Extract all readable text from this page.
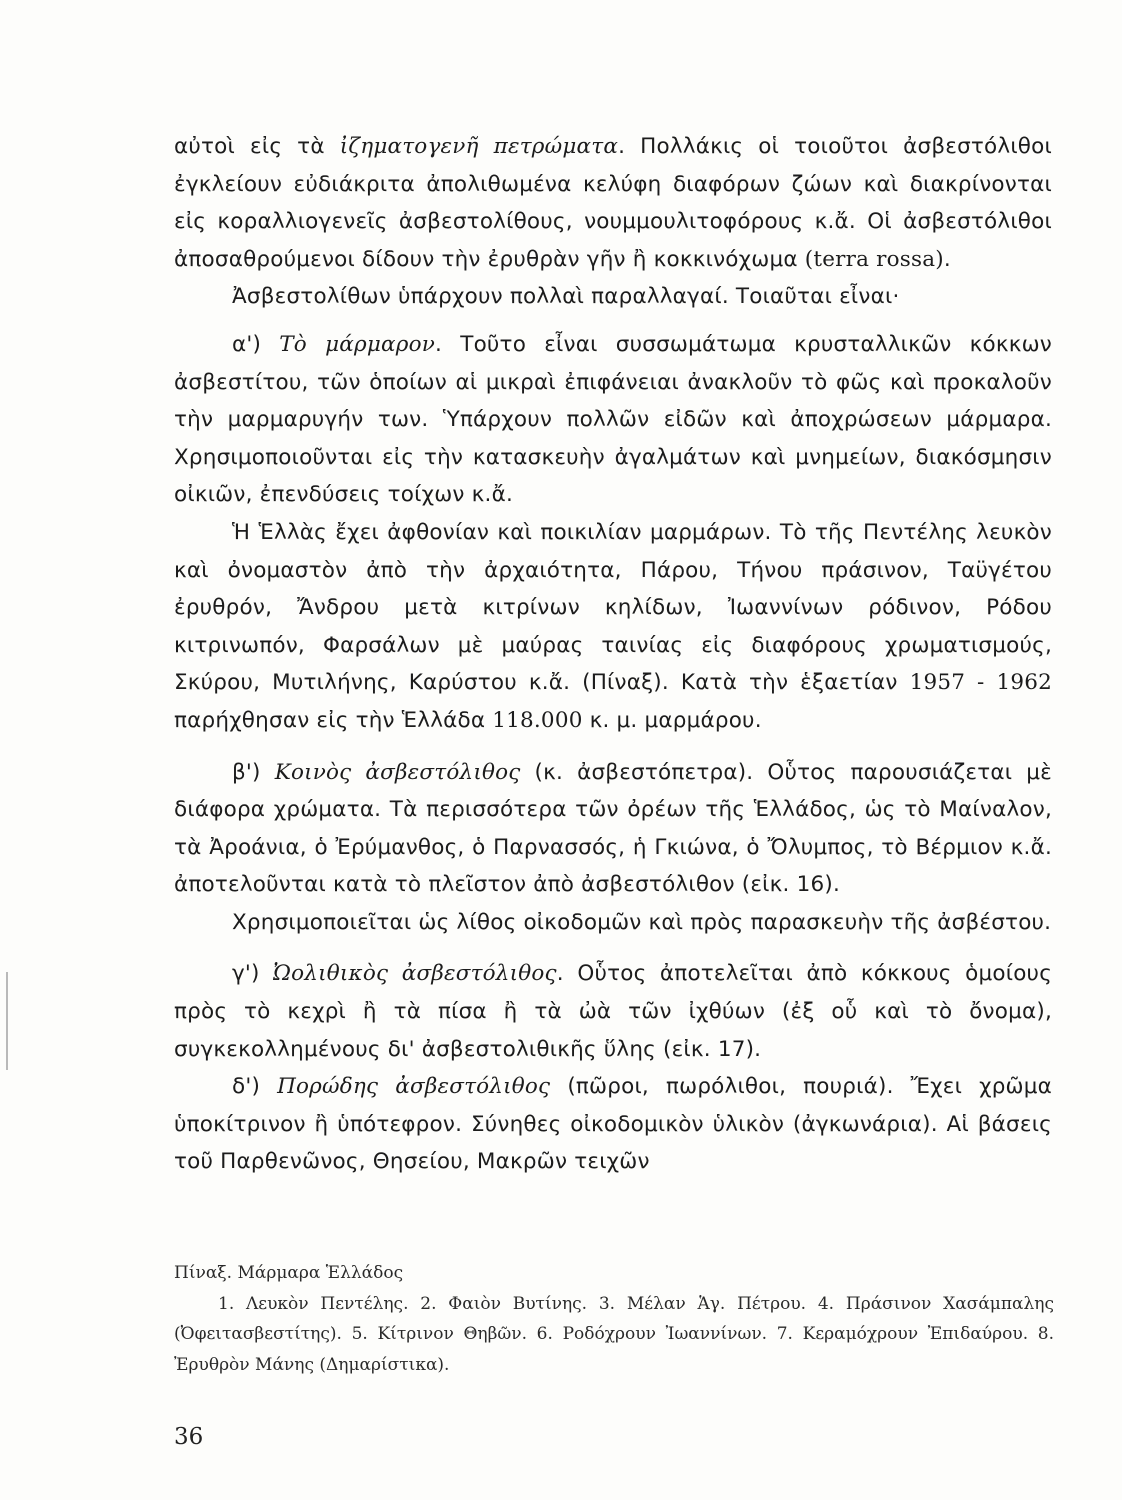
αὐτοὶ εἰς τὰ ἰζηματογενῆ πετρώματα. Πολλάκις οἱ τοιοῦτοι ἀσβεστόλιθοι ἐγκλείουν εὐδιάκριτα ἀπολιθωμένα κελύφη διαφόρων ζώων καὶ διακρίνονται εἰς κοραλλιογενεῖς ἀσβεστολίθους, νουμμουλιτοφόρους κ.ἄ. Οἱ ἀσβεστόλιθοι ἀποσαθρούμενοι δίδουν τὴν ἐρυθρὰν γῆν ἢ κοκκινόχωμα (terra rossa).

Ἀσβεστολίθων ὑπάρχουν πολλαὶ παραλλαγαί. Τοιαῦται εἶναι·

α') Τὸ μάρμαρον. Τοῦτο εἶναι συσσωμάτωμα κρυσταλλικῶν κόκκων ἀσβεστίτου, τῶν ὁποίων αἱ μικραὶ ἐπιφάνειαι ἀνακλοῦν τὸ φῶς καὶ προκαλοῦν τὴν μαρμαρυγήν των. Ὑπάρχουν πολλῶν εἰδῶν καὶ ἀποχρώσεων μάρμαρα. Χρησιμοποιοῦνται εἰς τὴν κατασκευὴν ἀγαλμάτων καὶ μνημείων, διακόσμησιν οἰκιῶν, ἐπενδύσεις τοίχων κ.ἄ.

Ἡ Ἑλλὰς ἔχει ἀφθονίαν καὶ ποικιλίαν μαρμάρων. Τὸ τῆς Πεντέλης λευκὸν καὶ ὀνομαστὸν ἀπὸ τὴν ἀρχαιότητα, Πάρου, Τήνου πράσινον, Ταϋγέτου ἐρυθρόν, Ἄνδρου μετὰ κιτρίνων κηλίδων, Ἰωαννίνων ρόδινον, Ρόδου κιτρινωπόν, Φαρσάλων μὲ μαύρας ταινίας εἰς διαφόρους χρωματισμούς, Σκύρου, Μυτιλήνης, Καρύστου κ.ἄ. (Πίναξ). Κατὰ τὴν ἑξαετίαν 1957 - 1962 παρήχθησαν εἰς τὴν Ἑλλάδα 118.000 κ. μ. μαρμάρου.

β') Κοινὸς ἀσβεστόλιθος (κ. ἀσβεστόπετρα). Οὗτος παρουσιάζεται μὲ διάφορα χρώματα. Τὰ περισσότερα τῶν ὀρέων τῆς Ἑλλάδος, ὡς τὸ Μαίναλον, τὰ Ἀροάνια, ὁ Ἐρύμανθος, ὁ Παρνασσός, ἡ Γκιώνα, ὁ Ὄλυμπος, τὸ Βέρμιον κ.ἄ. ἀποτελοῦνται κατὰ τὸ πλεῖστον ἀπὸ ἀσβεστόλιθον (εἰκ. 16).

Χρησιμοποιεῖται ὡς λίθος οἰκοδομῶν καὶ πρὸς παρασκευὴν τῆς ἀσβέστου.

γ') Ὠολιθικὸς ἀσβεστόλιθος. Οὗτος ἀποτελεῖται ἀπὸ κόκκους ὁμοίους πρὸς τὸ κεχρὶ ἢ τὰ πίσα ἢ τὰ ὠὰ τῶν ἰχθύων (ἐξ οὗ καὶ τὸ ὄνομα), συγκεκολλημένους δι' ἀσβεστολιθικῆς ὕλης (εἰκ. 17).

δ') Πορώδης ἀσβεστόλιθος (πῶροι, πωρόλιθοι, πουριά). Ἔχει χρῶμα ὑποκίτρινον ἢ ὑπότεφρον. Σύνηθες οἰκοδομικὸν ὑλικὸν (ἀγκωνάρια). Αἱ βάσεις τοῦ Παρθενῶνος, Θησείου, Μακρῶν τειχῶν

Πίναξ. Μάρμαρα Ἑλλάδος

1. Λευκὸν Πεντέλης. 2. Φαιὸν Βυτίνης. 3. Μέλαν Ἁγ. Πέτρου. 4. Πράσινον Χασάμπαλης (Ὀφειτασβεστίτης). 5. Κίτρινον Θηβῶν. 6. Ροδόχρουν Ἰωαννίνων. 7. Κεραμόχρουν Ἐπιδαύρου. 8. Ἐρυθρὸν Μάνης (Δημαρίστικα).

36
